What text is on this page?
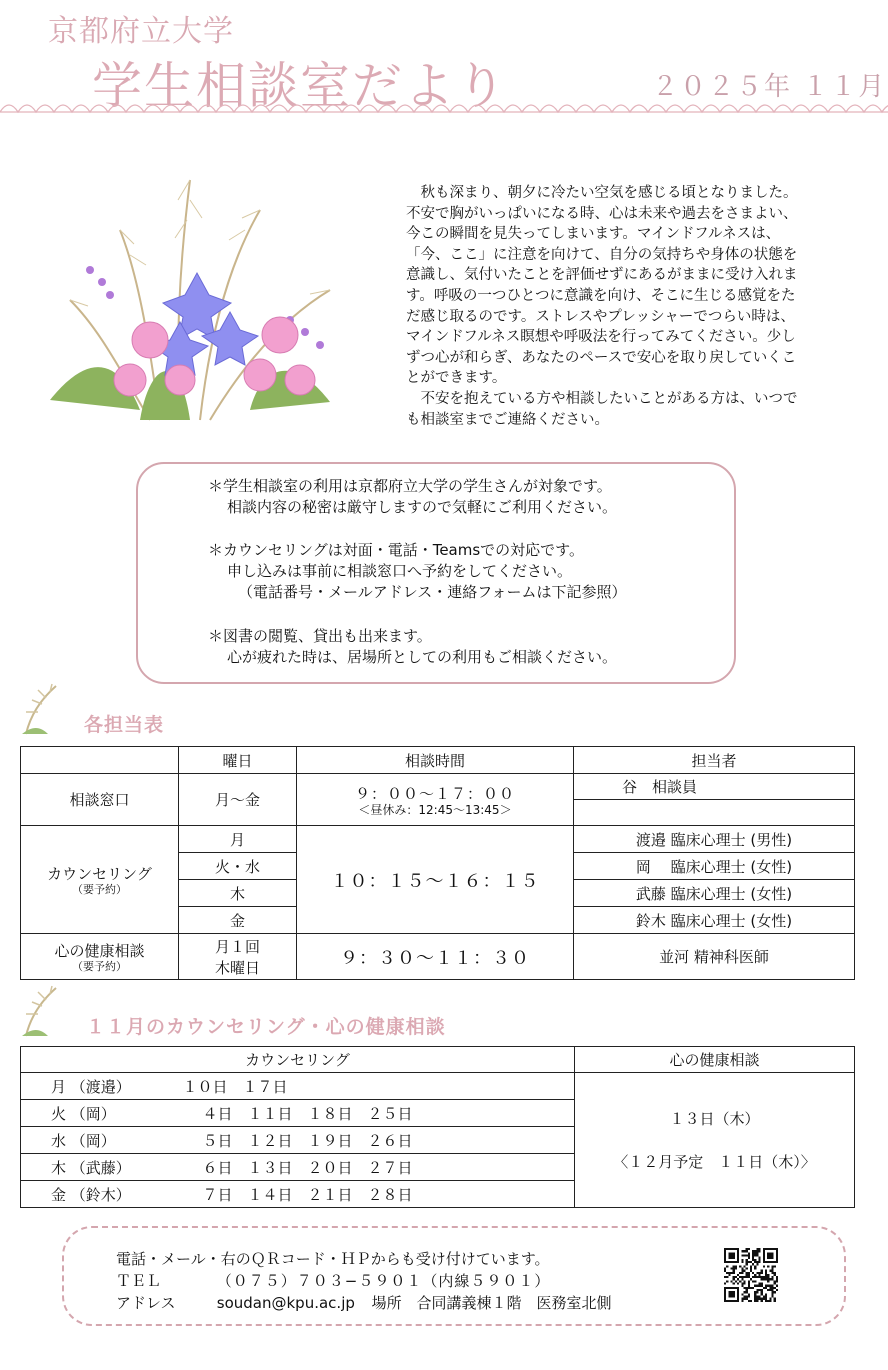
京都府立大学
学生相談室だより	２０２５年 １１月

秋も深まり、朝夕に冷たい空気を感じる頃となりました。不安で胸がいっぱいになる時、心は未来や過去をさまよい、今この瞬間を見失ってしまいます。マインドフルネスは、「今、ここ」に注意を向けて、自分の気持ちや身体の状態を意識し、気付いたことを評価せずにあるがままに受け入れます。呼吸の一つひとつに意識を向け、そこに生じる感覚をただ感じ取るのです。ストレスやプレッシャーでつらい時は、マインドフルネス瞑想や呼吸法を行ってみてください。少しずつ心が和らぎ、あなたのペースで安心を取り戻していくことができます。

不安を抱えている方や相談したいことがある方は、いつでも相談室までご連絡ください。

＊学生相談室の利用は京都府立大学の学生さんが対象です。
相談内容の秘密は厳守しますので気軽にご利用ください。
＊カウンセリングは対面・電話・Teamsでの対応です。
申し込みは事前に相談窓口へ予約をしてください。
（電話番号・メールアドレス・連絡フォームは下記参照）
＊図書の閲覧、貸出も出来ます。
心が疲れた時は、居場所としての利用もご相談ください。
各担当表
	曜日	相談時間	担当者
相談窓口	月〜金	９：００〜１７：００
＜昼休み：12:45〜13:45＞	谷　相談員

カウンセリング
（要予約）	月	１０：１５〜１６：１５	渡邉 臨床心理士 (男性)
	火・水		岡　 臨床心理士 (女性)
	木		武藤 臨床心理士 (女性)
	金		鈴木 臨床心理士 (女性)

心の健康相談
（要予約）	月１回
木曜日	９：３０〜１１：３０	並河 精神科医師
１１月のカウンセリング・心の健康相談
カウンセリング		心の健康相談
月 （渡邉）	１０日　１７日	１３日（木）
〈１２月予定　１１日（木）〉

火 （岡）	４日　１１日　１８日　２５日	
水 （岡）	５日　１２日　１９日　２６日	
木 （武藤）	６日　１３日　２０日　２７日	
金 （鈴木）	７日　１４日　２１日　２８日	
電話・メール・右のＱＲコード・ＨＰからも受け付けています。
ＴＥＬ	（０７５）７０３−５９０１（内線５９０１）
アドレス	soudan@kpu.ac.jp 場所 合同講義棟１階　医務室北側
